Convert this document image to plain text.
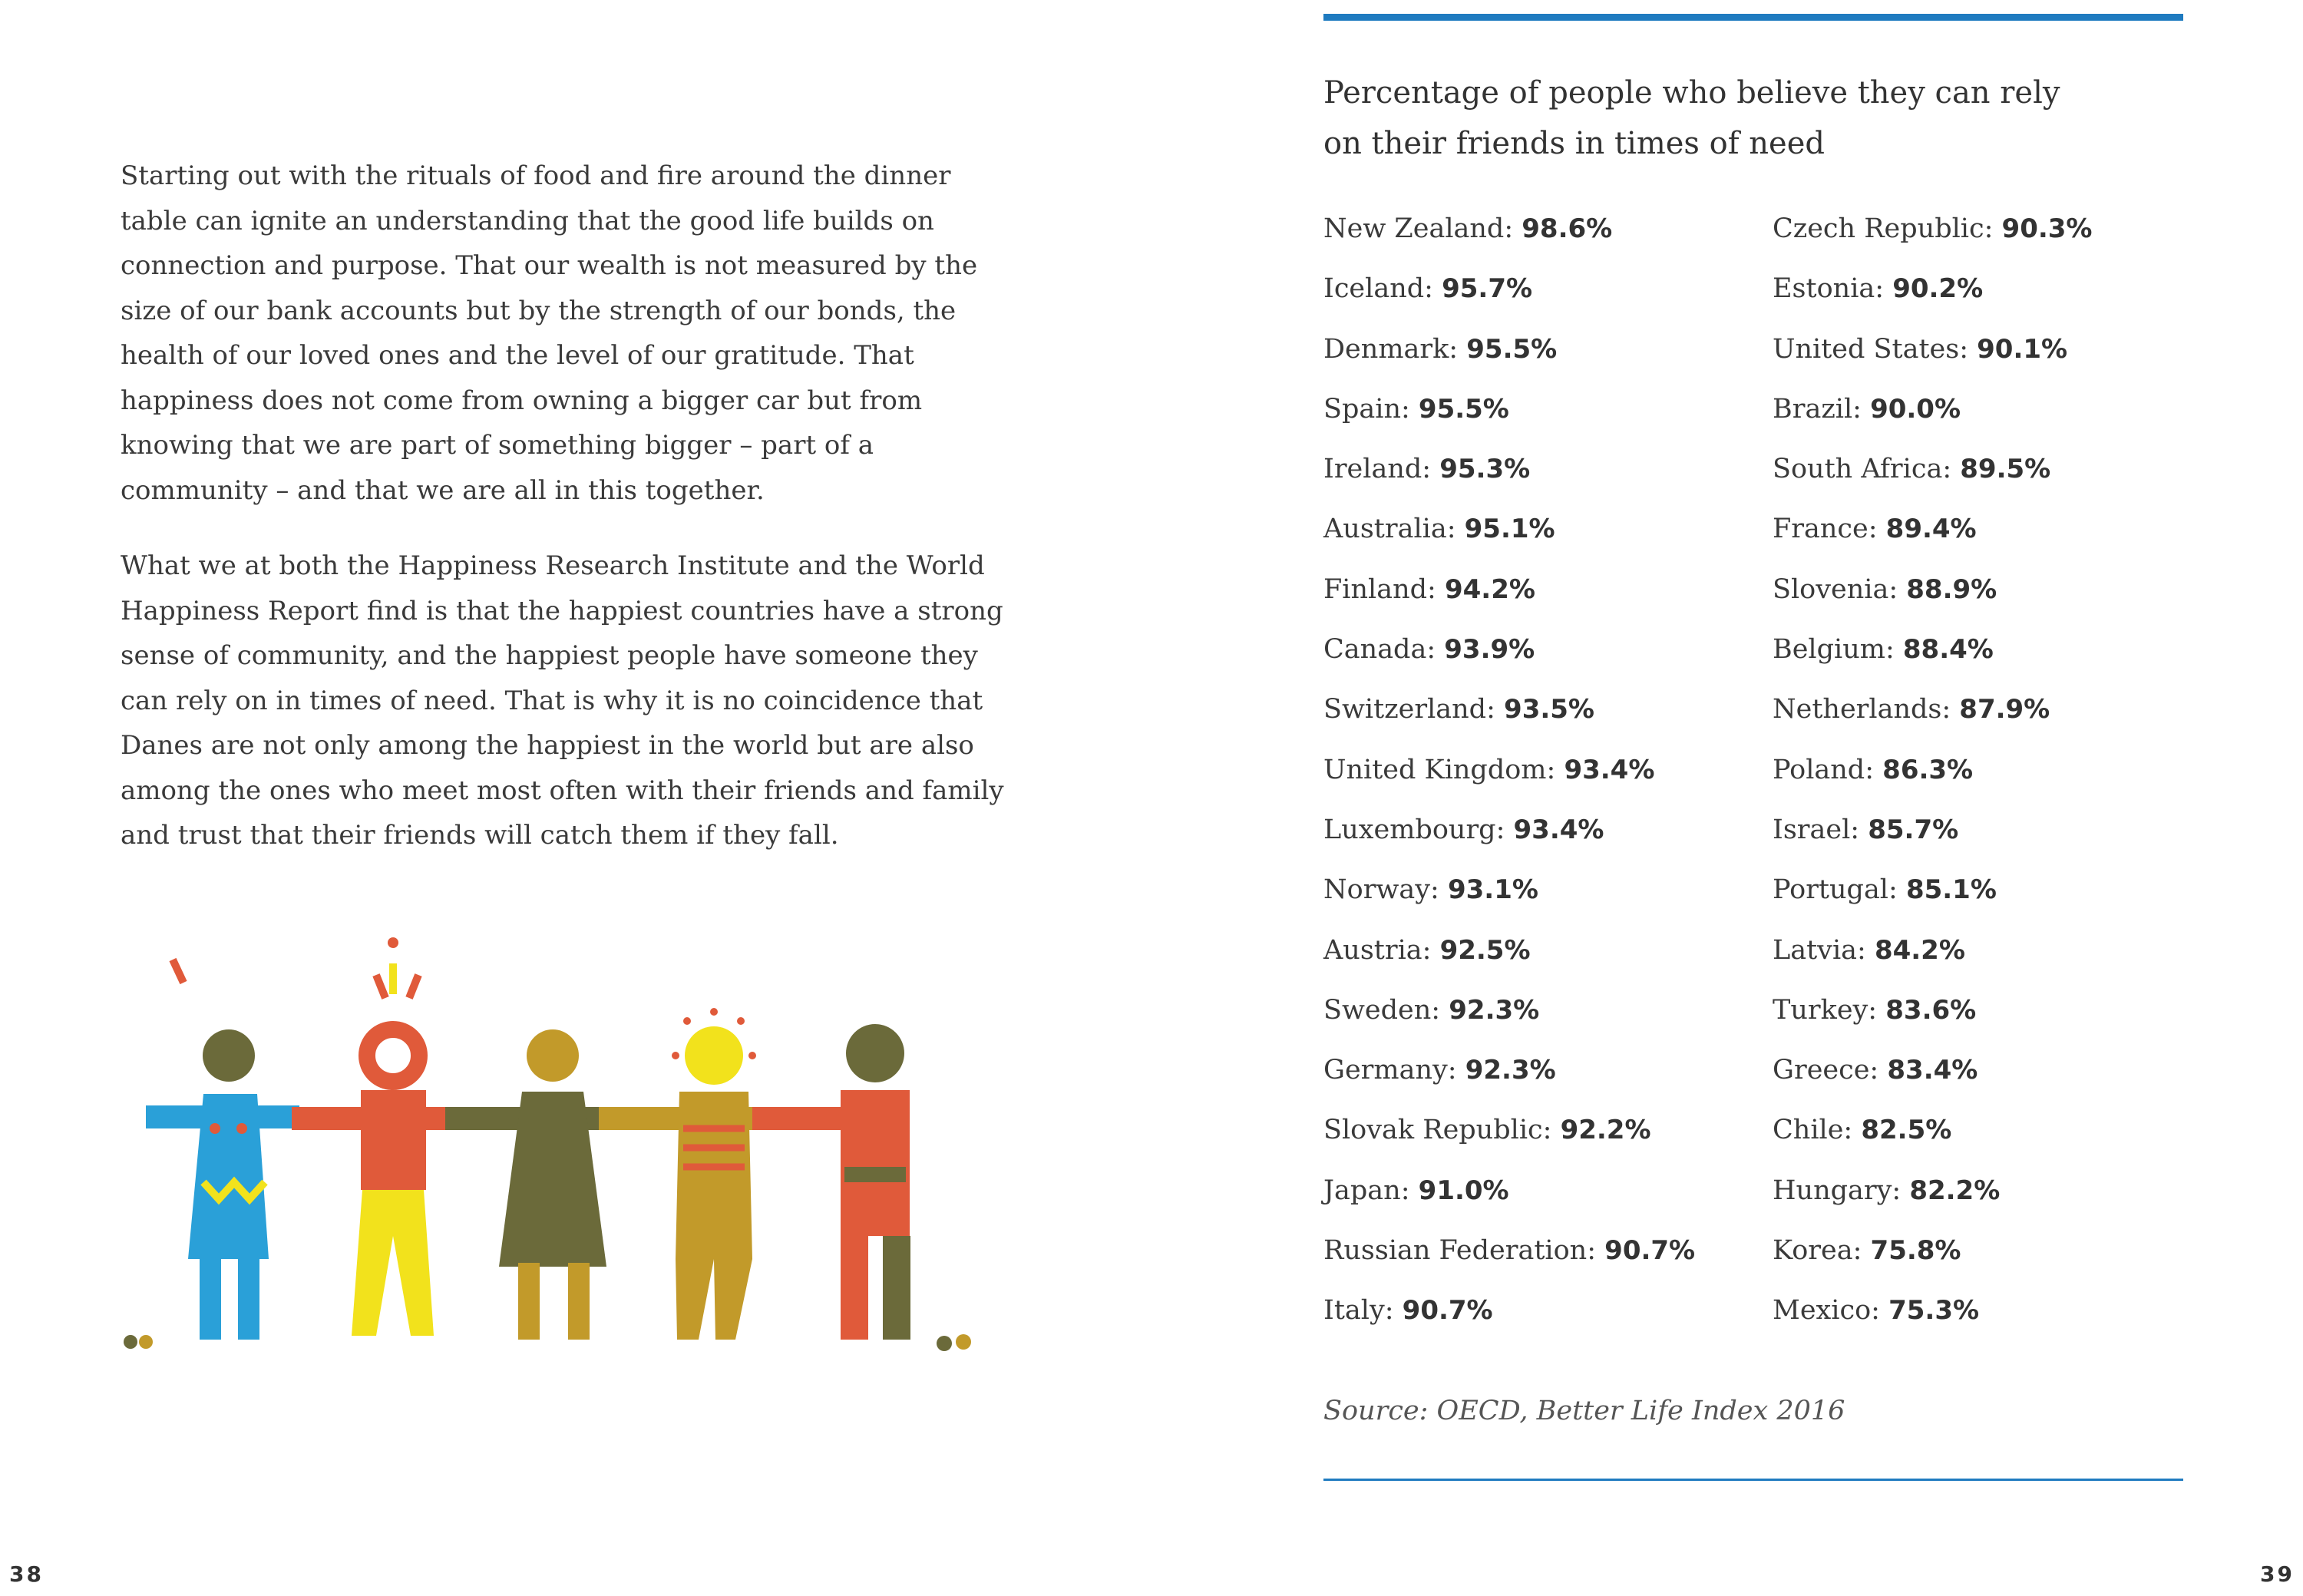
Starting out with the rituals of food and fire around the dinner table can ignite an understanding that the good life builds on connection and purpose. That our wealth is not measured by the size of our bank accounts but by the strength of our bonds, the health of our loved ones and the level of our gratitude. That happiness does not come from owning a bigger car but from knowing that we are part of something bigger – part of a community – and that we are all in this together.

What we at both the Happiness Research Institute and the World Happiness Report find is that the happiest countries have a strong sense of community, and the happiest people have someone they can rely on in times of need. That is why it is no coincidence that Danes are not only among the happiest in the world but are also among the ones who meet most often with their friends and family and trust that their friends will catch them if they fall.

38
Percentage of people who believe they can rely on their friends in times of need
New Zealand: 98.6%
Iceland: 95.7%
Denmark: 95.5%
Spain: 95.5%
Ireland: 95.3%
Australia: 95.1%
Finland: 94.2%
Canada: 93.9%
Switzerland: 93.5%
United Kingdom: 93.4%
Luxembourg: 93.4%
Norway: 93.1%
Austria: 92.5%
Sweden: 92.3%
Germany: 92.3%
Slovak Republic: 92.2%
Japan: 91.0%
Russian Federation: 90.7%
Italy: 90.7%
Czech Republic: 90.3%
Estonia: 90.2%
United States: 90.1%
Brazil: 90.0%
South Africa: 89.5%
France: 89.4%
Slovenia: 88.9%
Belgium: 88.4%
Netherlands: 87.9%
Poland: 86.3%
Israel: 85.7%
Portugal: 85.1%
Latvia: 84.2%
Turkey: 83.6%
Greece: 83.4%
Chile: 82.5%
Hungary: 82.2%
Korea: 75.8%
Mexico: 75.3%
Source: OECD, Better Life Index 2016
39
